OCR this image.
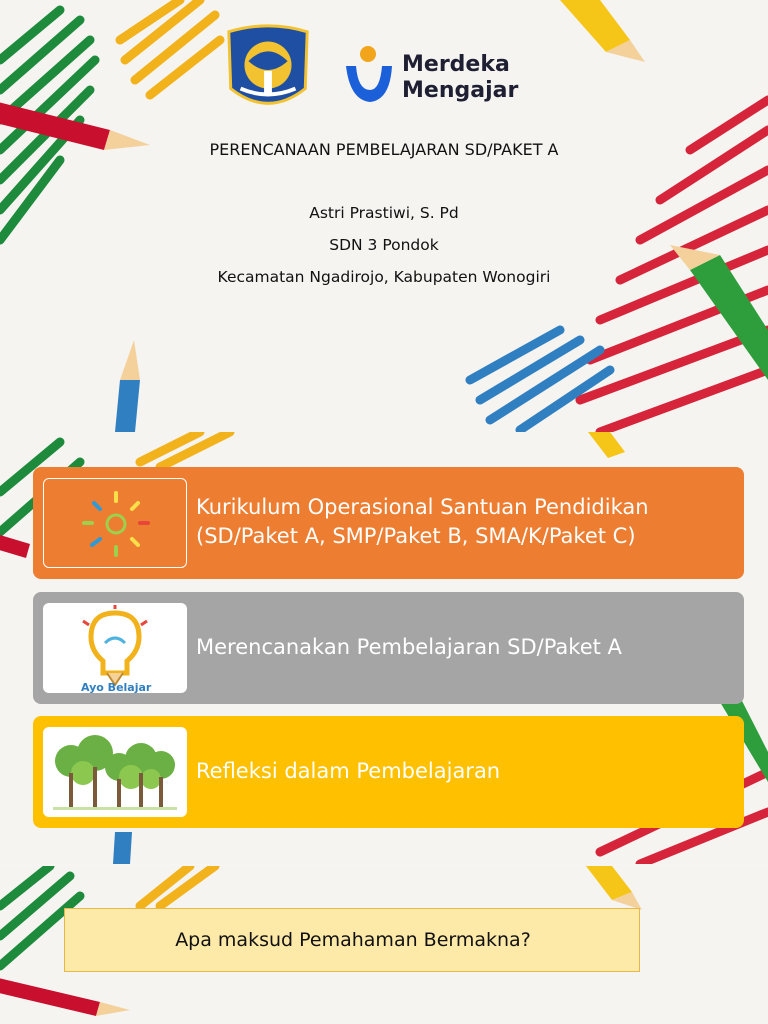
Merdeka
Mengajar
PERENCANAAN PEMBELAJARAN SD/PAKET A
Astri Prastiwi, S. Pd
SDN 3 Pondok
Kecamatan Ngadirojo, Kabupaten Wonogiri
Kurikulum Operasional Santuan Pendidikan
(SD/Paket A, SMP/Paket B, SMA/K/Paket C)
Ayo Belajar
Merencanakan Pembelajaran SD/Paket A
Refleksi dalam Pembelajaran
Apa maksud Pemahaman Bermakna?
